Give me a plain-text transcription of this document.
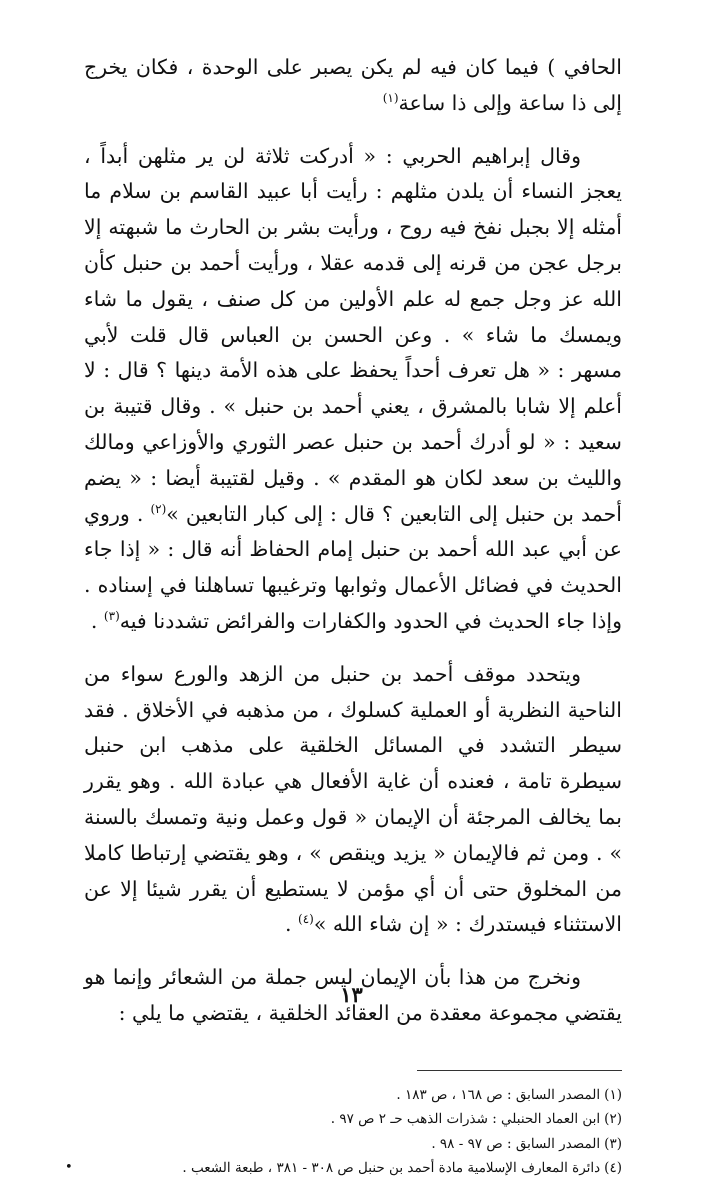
الحافي ) فيما كان فيه لم يكن يصبر على الوحدة ، فكان يخرج إلى ذا ساعة وإلى ذا ساعة$^{(١)}$

  وقال إبراهيم الحربي : « أدركت ثلاثة لن ير مثلهن أبداً ، يعجز النساء أن يلدن مثلهم : رأيت أبا عبيد القاسم بن سلام ما أمثله إلا بجبل نفخ فيه روح ، ورأيت بشر بن الحارث ما شبهته إلا برجل عجن من قرنه إلى قدمه عقلا ، ورأيت أحمد بن حنبل كأن الله عز وجل جمع له علم الأولين من كل صنف ، يقول ما شاء ويمسك ما شاء » . وعن الحسن بن العباس قال قلت لأبي مسهر : « هل تعرف أحداً يحفظ على هذه الأمة دينها ؟ قال : لا أعلم إلا شابا بالمشرق ، يعني أحمد بن حنبل » . وقال قتيبة بن سعيد : « لو أدرك أحمد بن حنبل عصر الثوري والأوزاعي ومالك والليث بن سعد لكان هو المقدم » . وقيل لقتيبة أيضا : « يضم أحمد بن حنبل إلى التابعين ؟ قال : إلى كبار التابعين »$^{(٢)}$ . وروي عن أبي عبد الله أحمد بن حنبل إمام الحفاظ أنه قال : « إذا جاء الحديث في فضائل الأعمال وثوابها وترغيبها تساهلنا في إسناده . وإذا جاء الحديث في الحدود والكفارات والفرائض تشددنا فيه$^{(٣)}$ .

  ويتحدد موقف أحمد بن حنبل من الزهد والورع سواء من الناحية النظرية أو العملية كسلوك ، من مذهبه في الأخلاق . فقد سيطر التشدد في المسائل الخلقية على مذهب ابن حنبل سيطرة تامة ، فعنده أن غاية الأفعال هي عبادة الله . وهو يقرر بما يخالف المرجئة أن الإيمان « قول وعمل ونية وتمسك بالسنة » . ومن ثم فالإيمان « يزيد وينقص » ، وهو يقتضي إرتباطا كاملا من المخلوق حتى أن أي مؤمن لا يستطيع أن يقرر شيئا إلا عن الاستثناء فيستدرك : « إن شاء الله »$^{(٤)}$ .

  ونخرج من هذا بأن الإيمان ليس جملة من الشعائر وإنما هو يقتضي مجموعة معقدة من العقائد الخلقية ، يقتضي ما يلي :

(١)المصدر السابق : ص ١٦٨ ، ص ١٨٣ .
(٢)ابن العماد الحنبلي : شذرات الذهب حـ ٢ ص ٩٧ .
(٣)المصدر السابق : ص ٩٧ - ٩٨ .
(٤)دائرة المعارف الإسلامية مادة أحمد بن حنبل ص ٣٠٨ - ٣٨١ ، طبعة الشعب .
•
١٣
